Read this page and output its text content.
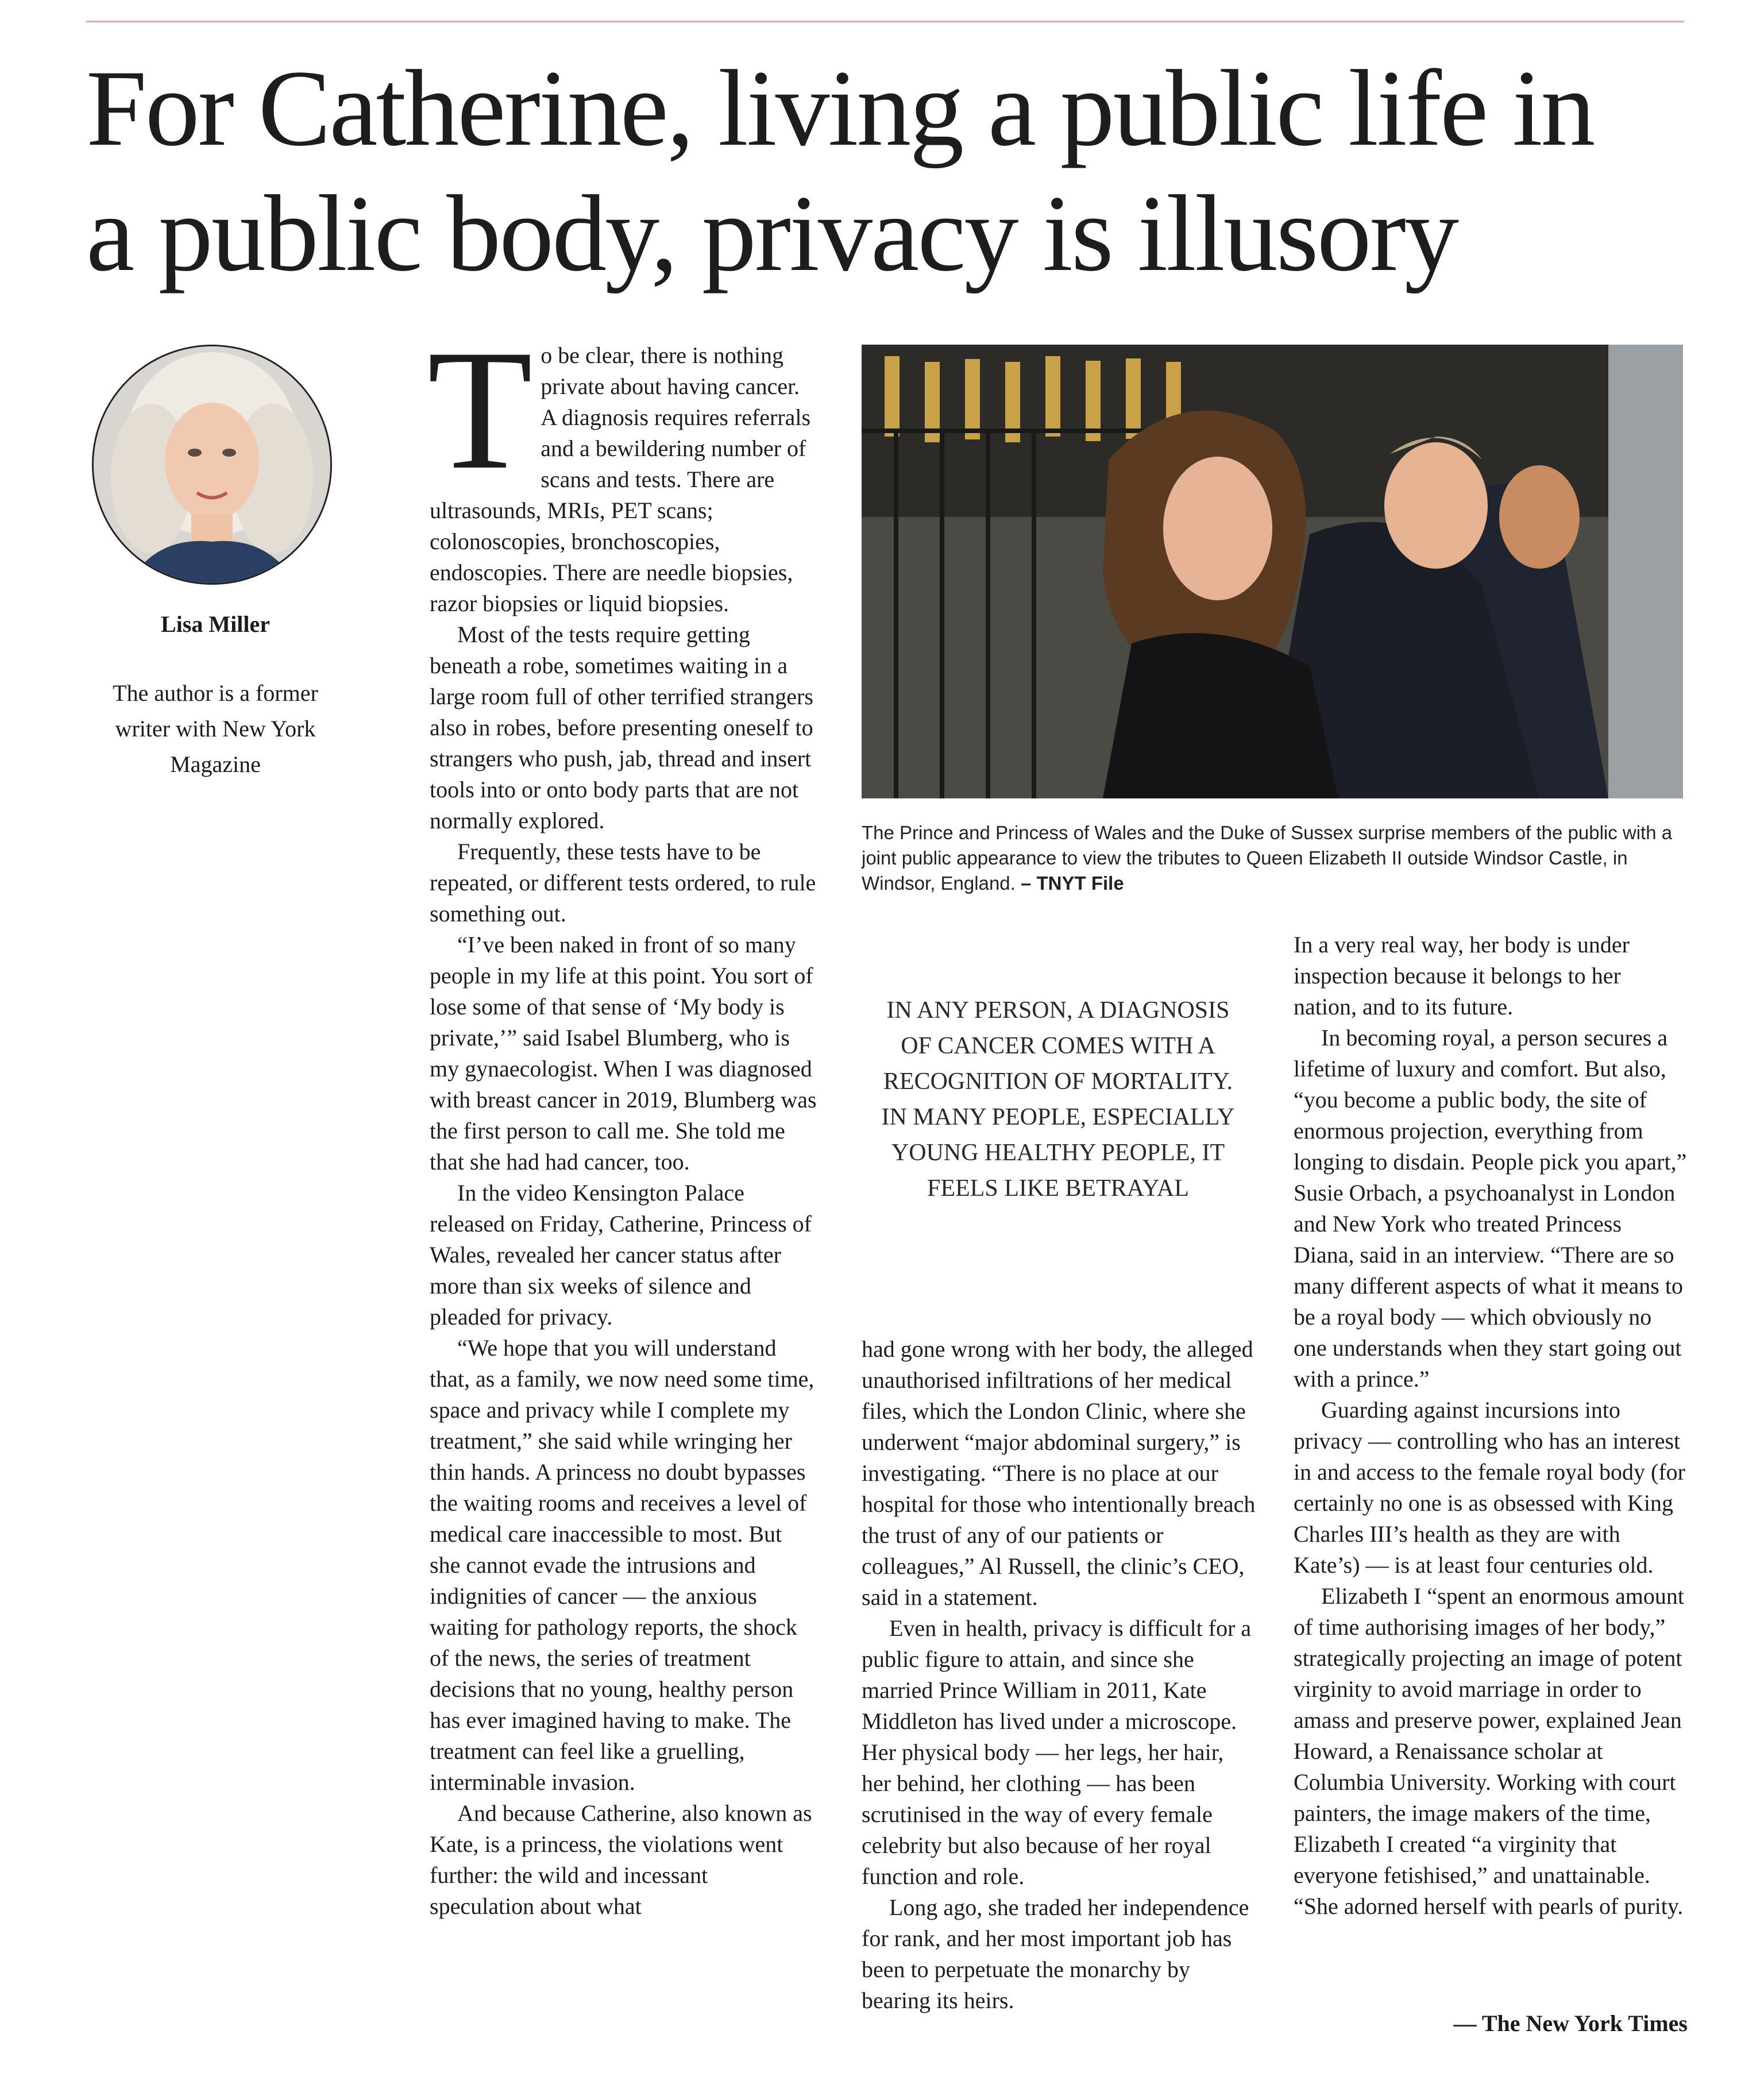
For Catherine, living a public life in a public body, privacy is illusory

Lisa Miller

The author is a former writer with New York Magazine

To be clear, there is nothing private about having cancer. A diagnosis requires referrals and a bewildering number of scans and tests. There are ultrasounds, MRIs, PET scans; colonoscopies, bronchoscopies, endoscopies. There are needle biopsies, razor biopsies or liquid biopsies.

Most of the tests require getting beneath a robe, sometimes waiting in a large room full of other terrified strangers also in robes, before presenting oneself to strangers who push, jab, thread and insert tools into or onto body parts that are not normally explored.

Frequently, these tests have to be repeated, or different tests ordered, to rule something out.

“I’ve been naked in front of so many people in my life at this point. You sort of lose some of that sense of ‘My body is private,’” said Isabel Blumberg, who is my gynaecologist. When I was diagnosed with breast cancer in 2019, Blumberg was the first person to call me. She told me that she had had cancer, too.

In the video Kensington Palace released on Friday, Catherine, Princess of Wales, revealed her cancer status after more than six weeks of silence and pleaded for privacy.

“We hope that you will understand that, as a family, we now need some time, space and privacy while I complete my treatment,” she said while wringing her thin hands. A princess no doubt bypasses the waiting rooms and receives a level of medical care inaccessible to most. But she cannot evade the intrusions and indignities of cancer — the anxious waiting for pathology reports, the shock of the news, the series of treatment decisions that no young, healthy person has ever imagined having to make. The treatment can feel like a gruelling, interminable invasion.

And because Catherine, also known as Kate, is a princess, the violations went further: the wild and incessant speculation about what

The Prince and Princess of Wales and the Duke of Sussex surprise members of the public with a joint public appearance to view the tributes to Queen Elizabeth II outside Windsor Castle, in Windsor, England. – TNYT File

IN ANY PERSON, A DIAGNOSIS OF CANCER COMES WITH A RECOGNITION OF MORTALITY. IN MANY PEOPLE, ESPECIALLY YOUNG HEALTHY PEOPLE, IT FEELS LIKE BETRAYAL

had gone wrong with her body, the alleged unauthorised infiltrations of her medical files, which the London Clinic, where she underwent “major abdominal surgery,” is investigating. “There is no place at our hospital for those who intentionally breach the trust of any of our patients or colleagues,” Al Russell, the clinic’s CEO, said in a statement.

Even in health, privacy is difficult for a public figure to attain, and since she married Prince William in 2011, Kate Middleton has lived under a microscope. Her physical body — her legs, her hair, her behind, her clothing — has been scrutinised in the way of every female celebrity but also because of her royal function and role.

Long ago, she traded her independence for rank, and her most important job has been to perpetuate the monarchy by bearing its heirs.

In a very real way, her body is under inspection because it belongs to her nation, and to its future.

In becoming royal, a person secures a lifetime of luxury and comfort. But also, “you become a public body, the site of enormous projection, everything from longing to disdain. People pick you apart,” Susie Orbach, a psychoanalyst in London and New York who treated Princess Diana, said in an interview. “There are so many different aspects of what it means to be a royal body — which obviously no one understands when they start going out with a prince.”

Guarding against incursions into privacy — controlling who has an interest in and access to the female royal body (for certainly no one is as obsessed with King Charles III’s health as they are with Kate’s) — is at least four centuries old.

Elizabeth I “spent an enormous amount of time authorising images of her body,” strategically projecting an image of potent virginity to avoid marriage in order to amass and preserve power, explained Jean Howard, a Renaissance scholar at Columbia University. Working with court painters, the image makers of the time, Elizabeth I created “a virginity that everyone fetishised,” and unattainable. “She adorned herself with pearls of purity.

— The New York Times
